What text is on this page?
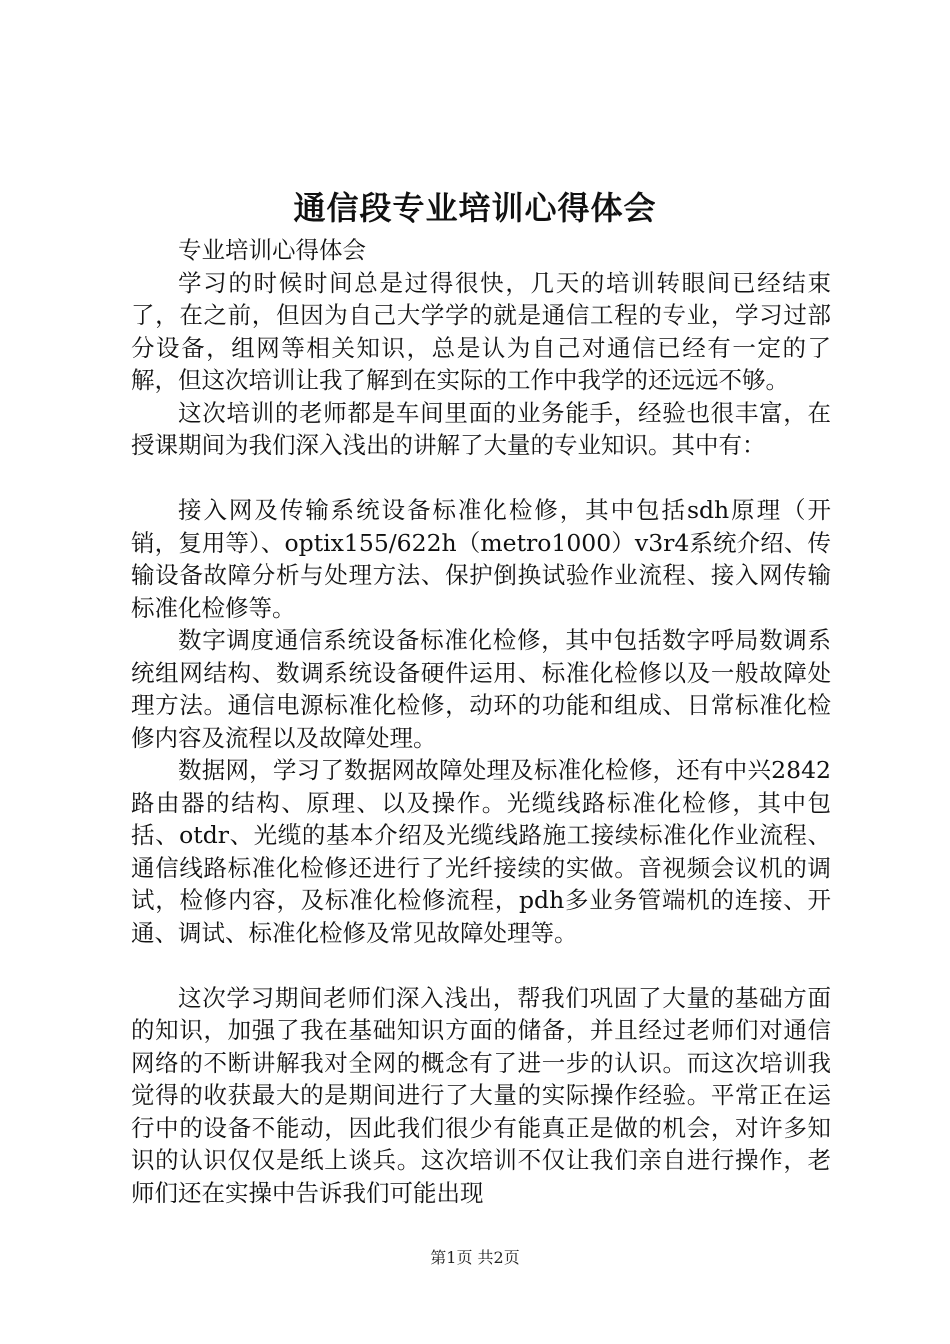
通信段专业培训心得体会

专业培训心得体会

学习的时候时间总是过得很快，几天的培训转眼间已经结束了，在之前，但因为自己大学学的就是通信工程的专业，学习过部分设备，组网等相关知识，总是认为自己对通信已经有一定的了解，但这次培训让我了解到在实际的工作中我学的还远远不够。

这次培训的老师都是车间里面的业务能手，经验也很丰富，在授课期间为我们深入浅出的讲解了大量的专业知识。其中有：

接入网及传输系统设备标准化检修，其中包括sdh原理（开销，复用等）、optix155/622h（metro1000）v3r4系统介绍、传输设备故障分析与处理方法、保护倒换试验作业流程、接入网传输标准化检修等。

数字调度通信系统设备标准化检修，其中包括数字呼局数调系统组网结构、数调系统设备硬件运用、标准化检修以及一般故障处理方法。通信电源标准化检修，动环的功能和组成、日常标准化检修内容及流程以及故障处理。

数据网，学习了数据网故障处理及标准化检修，还有中兴2842路由器的结构、原理、以及操作。光缆线路标准化检修，其中包括、otdr、光缆的基本介绍及光缆线路施工接续标准化作业流程、通信线路标准化检修还进行了光纤接续的实做。音视频会议机的调试，检修内容，及标准化检修流程，pdh多业务管端机的连接、开通、调试、标准化检修及常见故障处理等。

这次学习期间老师们深入浅出，帮我们巩固了大量的基础方面的知识，加强了我在基础知识方面的储备，并且经过老师们对通信网络的不断讲解我对全网的概念有了进一步的认识。而这次培训我觉得的收获最大的是期间进行了大量的实际操作经验。平常正在运行中的设备不能动，因此我们很少有能真正是做的机会，对许多知识的认识仅仅是纸上谈兵。这次培训不仅让我们亲自进行操作，老师们还在实操中告诉我们可能出现

第1页 共2页
